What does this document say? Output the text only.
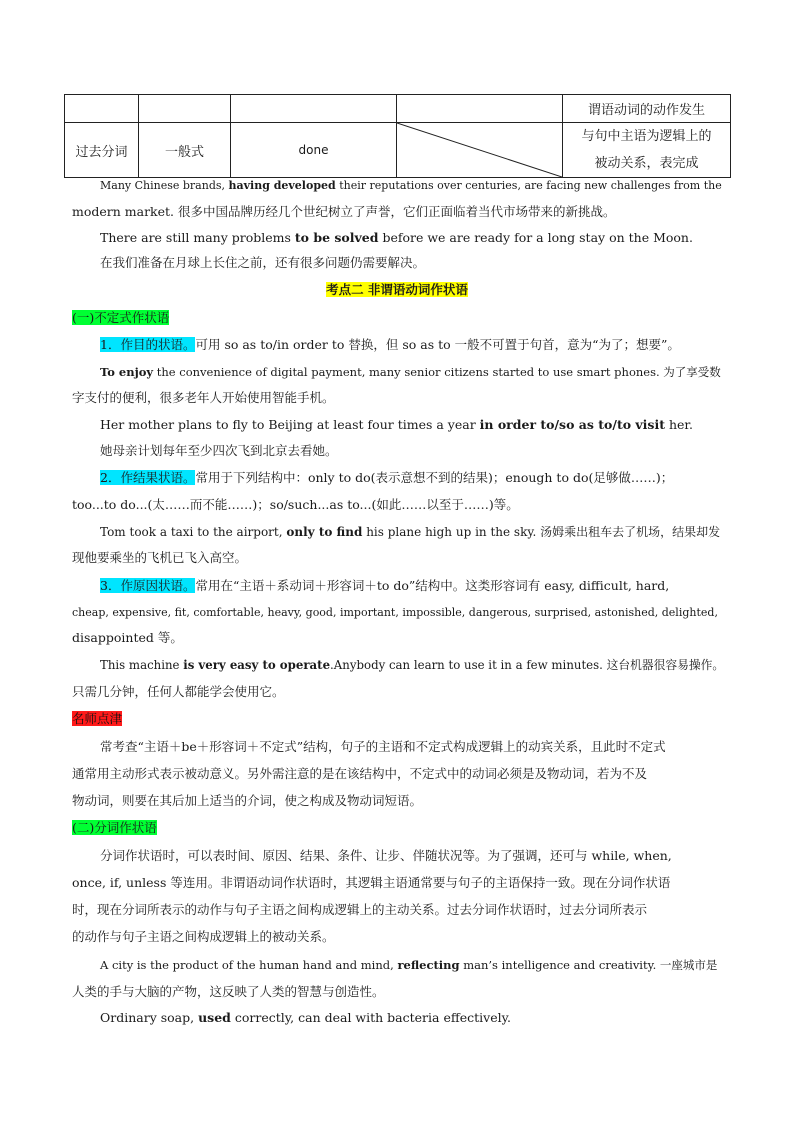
				谓语动词的动作发生
过去分词	一般式	done		与句中主语为逻辑上的
被动关系，表完成
Many Chinese brands, having developed their reputations over centuries, are facing new challenges from the
modern market. 很多中国品牌历经几个世纪树立了声誉，它们正面临着当代市场带来的新挑战。
There are still many problems to be solved before we are ready for a long stay on the Moon.
在我们准备在月球上长住之前，还有很多问题仍需要解决。
考点二 非谓语动词作状语
(一)不定式作状语
1．作目的状语。可用 so as to/in order to 替换，但 so as to 一般不可置于句首，意为“为了；想要”。
To enjoy the convenience of digital payment, many senior citizens started to use smart phones. 为了享受数
字支付的便利，很多老年人开始使用智能手机。
Her mother plans to fly to Beijing at least four times a year in order to/so as to/to visit her.
她母亲计划每年至少四次飞到北京去看她。
2．作结果状语。常用于下列结构中：only to do(表示意想不到的结果)；enough to do(足够做……)；
too...to do...(太……而不能……)；so/such...as to...(如此……以至于……)等。
Tom took a taxi to the airport, only to find his plane high up in the sky. 汤姆乘出租车去了机场，结果却发
现他要乘坐的飞机已飞入高空。
3．作原因状语。常用在“主语＋系动词＋形容词＋to do”结构中。这类形容词有 easy, difficult, hard,
cheap, expensive, fit, comfortable, heavy, good, important, impossible, dangerous, surprised, astonished, delighted,
disappointed 等。
This machine is very easy to operate.Anybody can learn to use it in a few minutes. 这台机器很容易操作。
只需几分钟，任何人都能学会使用它。
名师点津
常考查“主语＋be＋形容词＋不定式”结构，句子的主语和不定式构成逻辑上的动宾关系，且此时不定式
通常用主动形式表示被动意义。另外需注意的是在该结构中，不定式中的动词必须是及物动词，若为不及
物动词，则要在其后加上适当的介词，使之构成及物动词短语。
(二)分词作状语
分词作状语时，可以表时间、原因、结果、条件、让步、伴随状况等。为了强调，还可与 while, when,
once, if, unless 等连用。非谓语动词作状语时，其逻辑主语通常要与句子的主语保持一致。现在分词作状语
时，现在分词所表示的动作与句子主语之间构成逻辑上的主动关系。过去分词作状语时，过去分词所表示
的动作与句子主语之间构成逻辑上的被动关系。
A city is the product of the human hand and mind, reflecting man’s intelligence and creativity. 一座城市是
人类的手与大脑的产物，这反映了人类的智慧与创造性。
Ordinary soap, used correctly, can deal with bacteria effectively.
